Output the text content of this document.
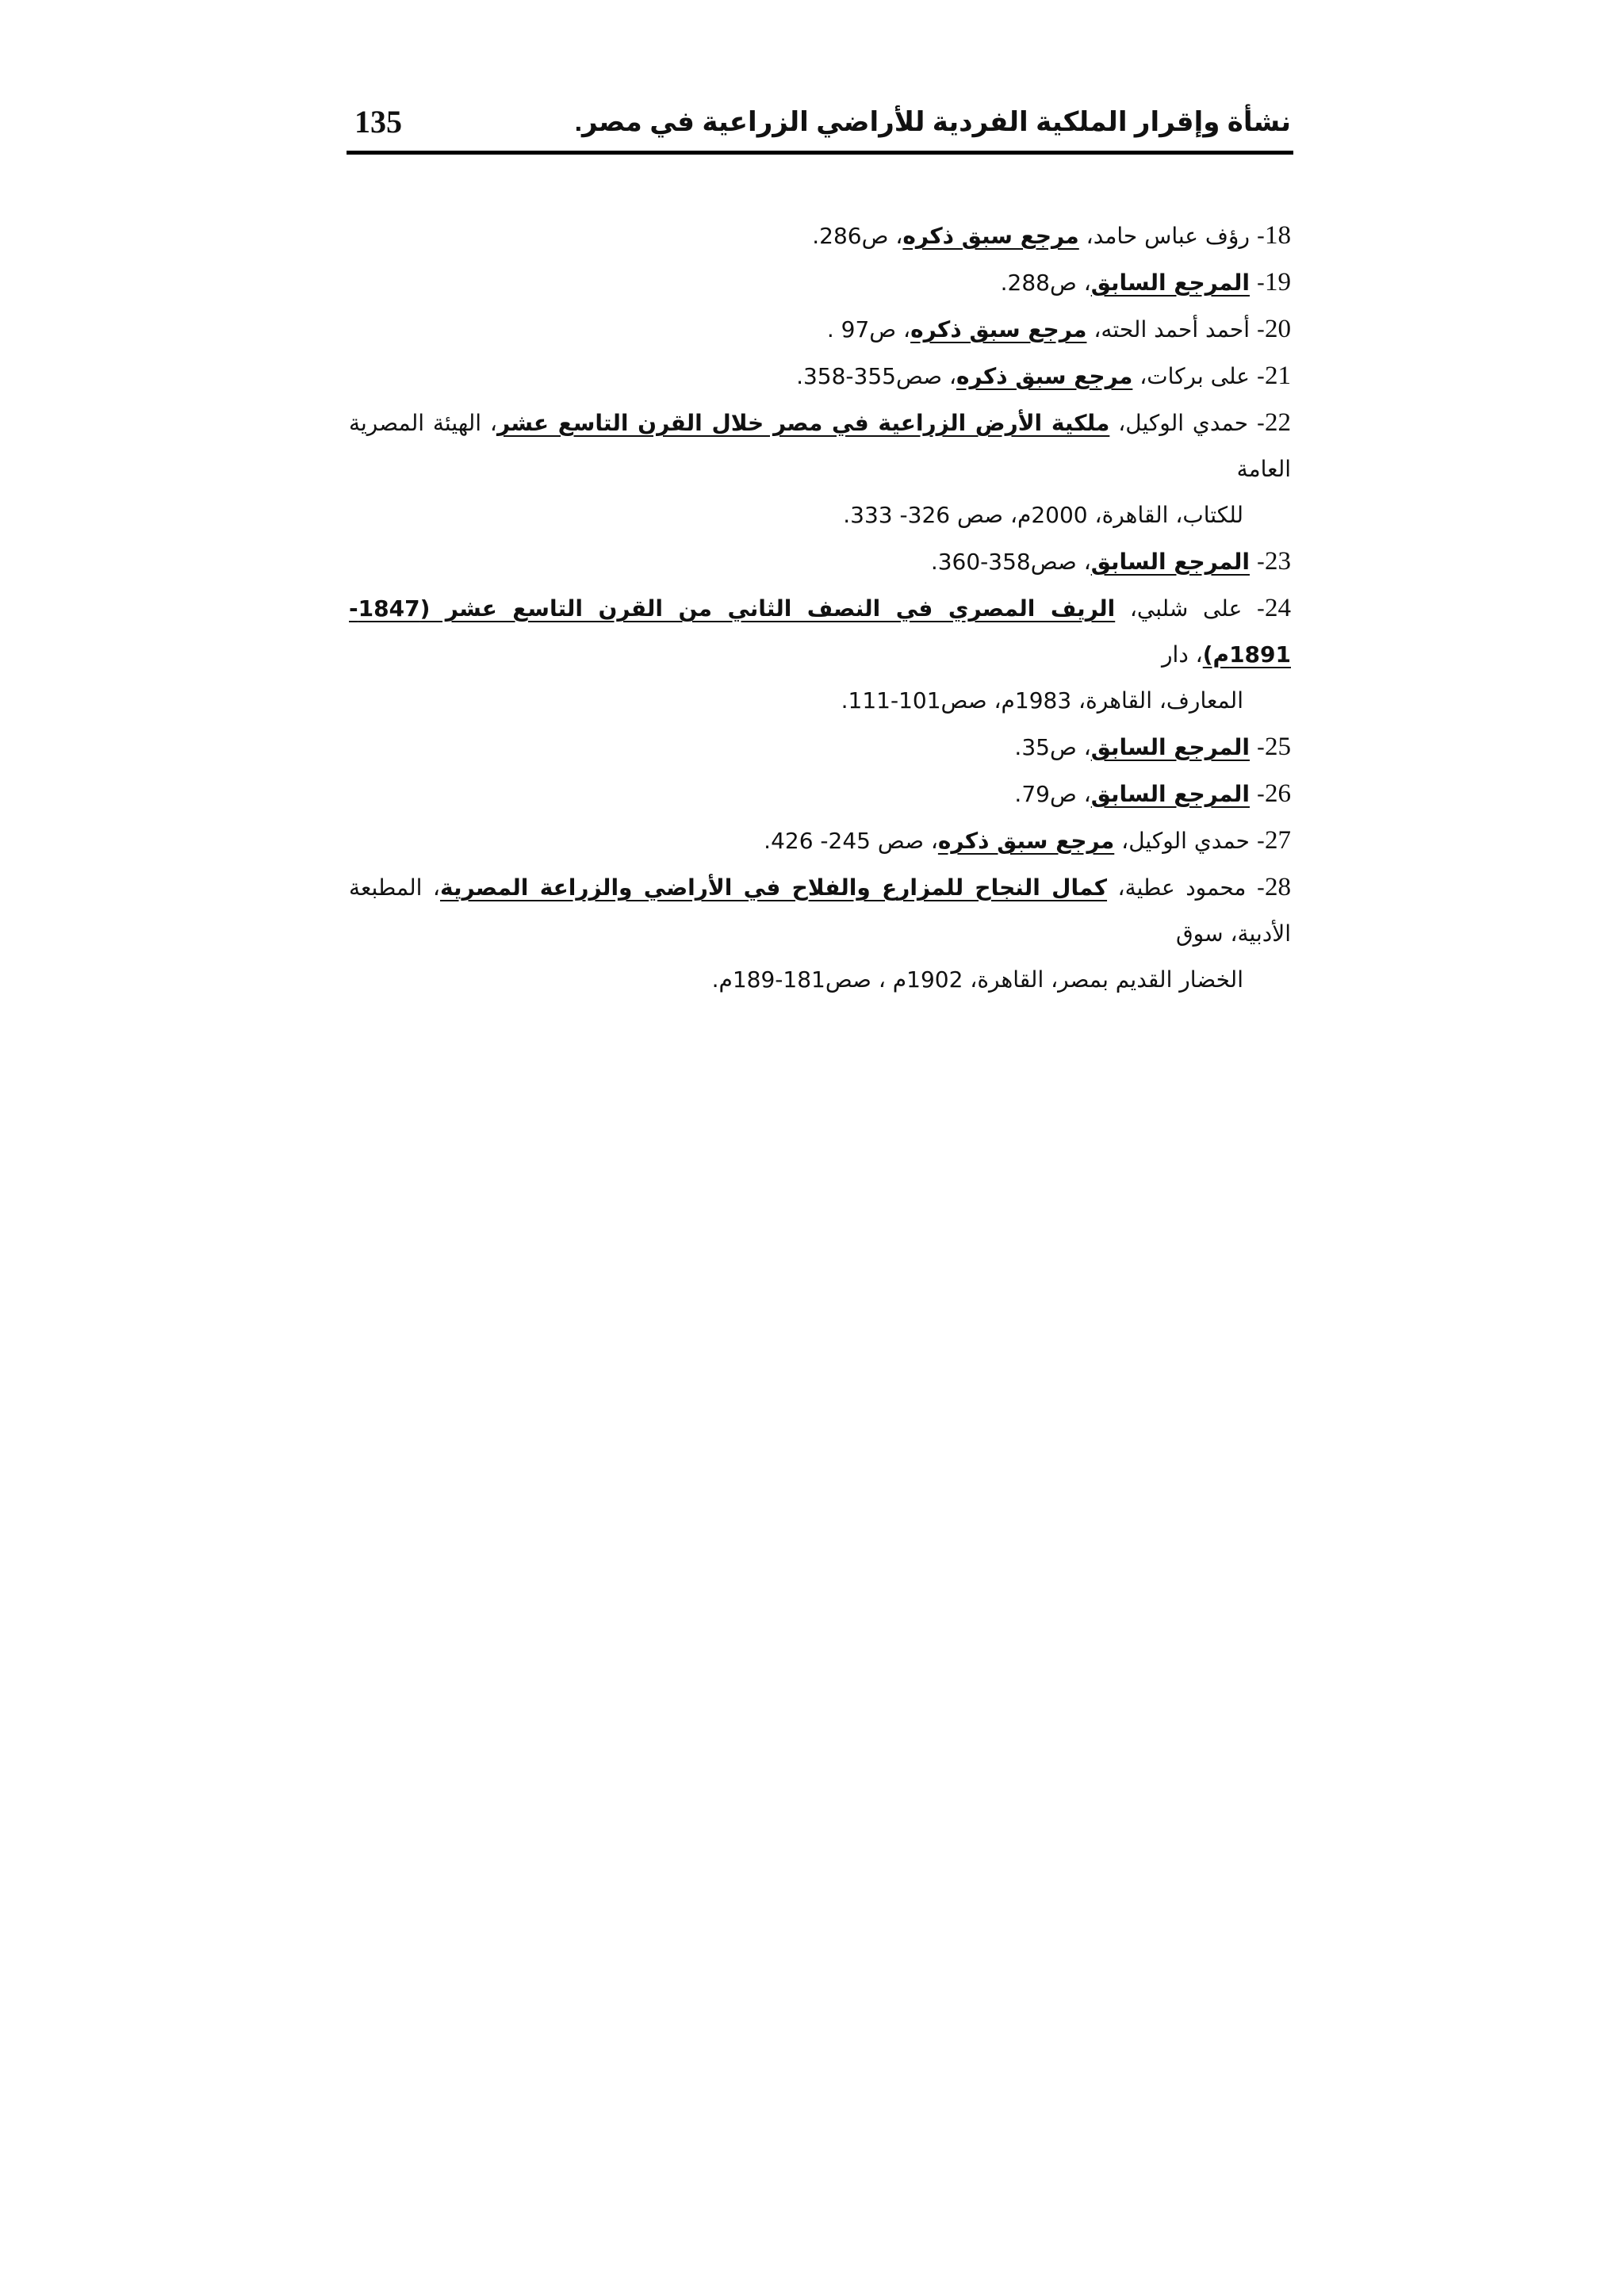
135	نشأة وإقرار الملكية الفردية للأراضي الزراعية في مصر.
18- رؤف عباس حامد، مرجع سبق ذكره، ص286.
19- المرجع السابق، ص288.
20- أحمد أحمد الحته، مرجع سبق ذكره، ص97 .
21- على بركات، مرجع سبق ذكره، صص355-358.
22- حمدي الوكيل، ملكية الأرض الزراعية في مصر خلال القرن التاسع عشر، الهيئة المصرية العامة
للكتاب، القاهرة، 2000م، صص 326- 333.
23- المرجع السابق، صص358-360.
24- على شلبي، الريف المصري في النصف الثاني من القرن التاسع عشر (1847-1891م)، دار
المعارف، القاهرة، 1983م، صص101-111.
25- المرجع السابق، ص35.
26- المرجع السابق، ص79.
27- حمدي الوكيل، مرجع سبق ذكره، صص 245- 426.
28- محمود عطية، كمال النجاح للمزارع والفلاح في الأراضي والزراعة المصرية، المطبعة الأدبية، سوق
الخضار القديم بمصر، القاهرة، 1902م ، صص181-189م.
